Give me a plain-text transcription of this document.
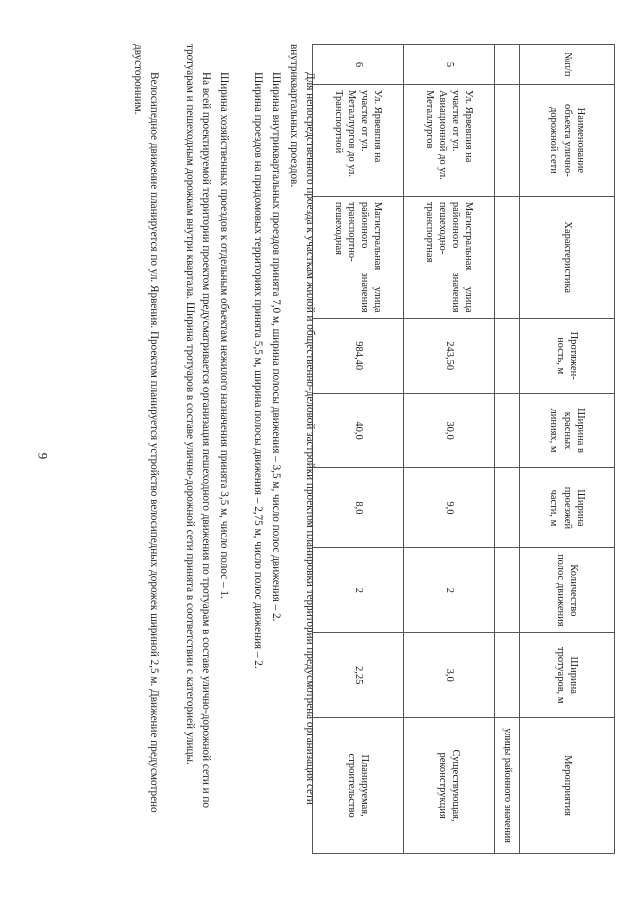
9
№п/п	Наименование объекта улично-дорожной сети	Характеристика	Протяжен-ность, м	Ширина в красных линиях, м	Ширина проезжей части, м	Количество полос движения	Ширина тротуаров, м	Мероприятия
								улицы районного значения
5	Ул. Ярвевпия на участке от ул. Авиационной до ул. Металлургов	Магистральная улица районного значения пешеходно-транспортная	243,50	30,0	9,0	2	3,0	Существующая, реконструкция
6	Ул. Ярвевпия на участке от ул. Металлургов до ул. Транспортной	Магистральная улица районного значения транспортно-пешеходная	984,40	40,0	8,0	2	2,25	Планируемая, строительство

Для непосредственного проезда к участкам жилой и общественно-деловой застройки проектом планировки территории предусмотрена организация сети внутриквартальных проездов.

Ширина внутриквартальных проездов принята 7,0 м, ширина полосы движения – 3,5 м, число полос движения – 2.

Ширина проездов на придомовых территориях принята 5,5 м, ширина полосы движения – 2,75 м, число полос движения – 2.

Ширина хозяйственных проездов к отдельным объектам нежилого назначения принята 3,5 м, число полос – 1.

На всей проектируемой территории проектом предусматривается организация пешеходного движения по тротуарам в составе улично-дорожной сети и по тротуарам и пешеходным дорожкам внутри квартала. Ширина тротуаров в составе улично-дорожной сети принята в соответствии с категорией улицы.

Велосипедное движение планируется по ул. Ярвения. Проектом планируется устройство велосипедных дорожек шириной 2,5 м. Движение предусмотрено двусторонним.
